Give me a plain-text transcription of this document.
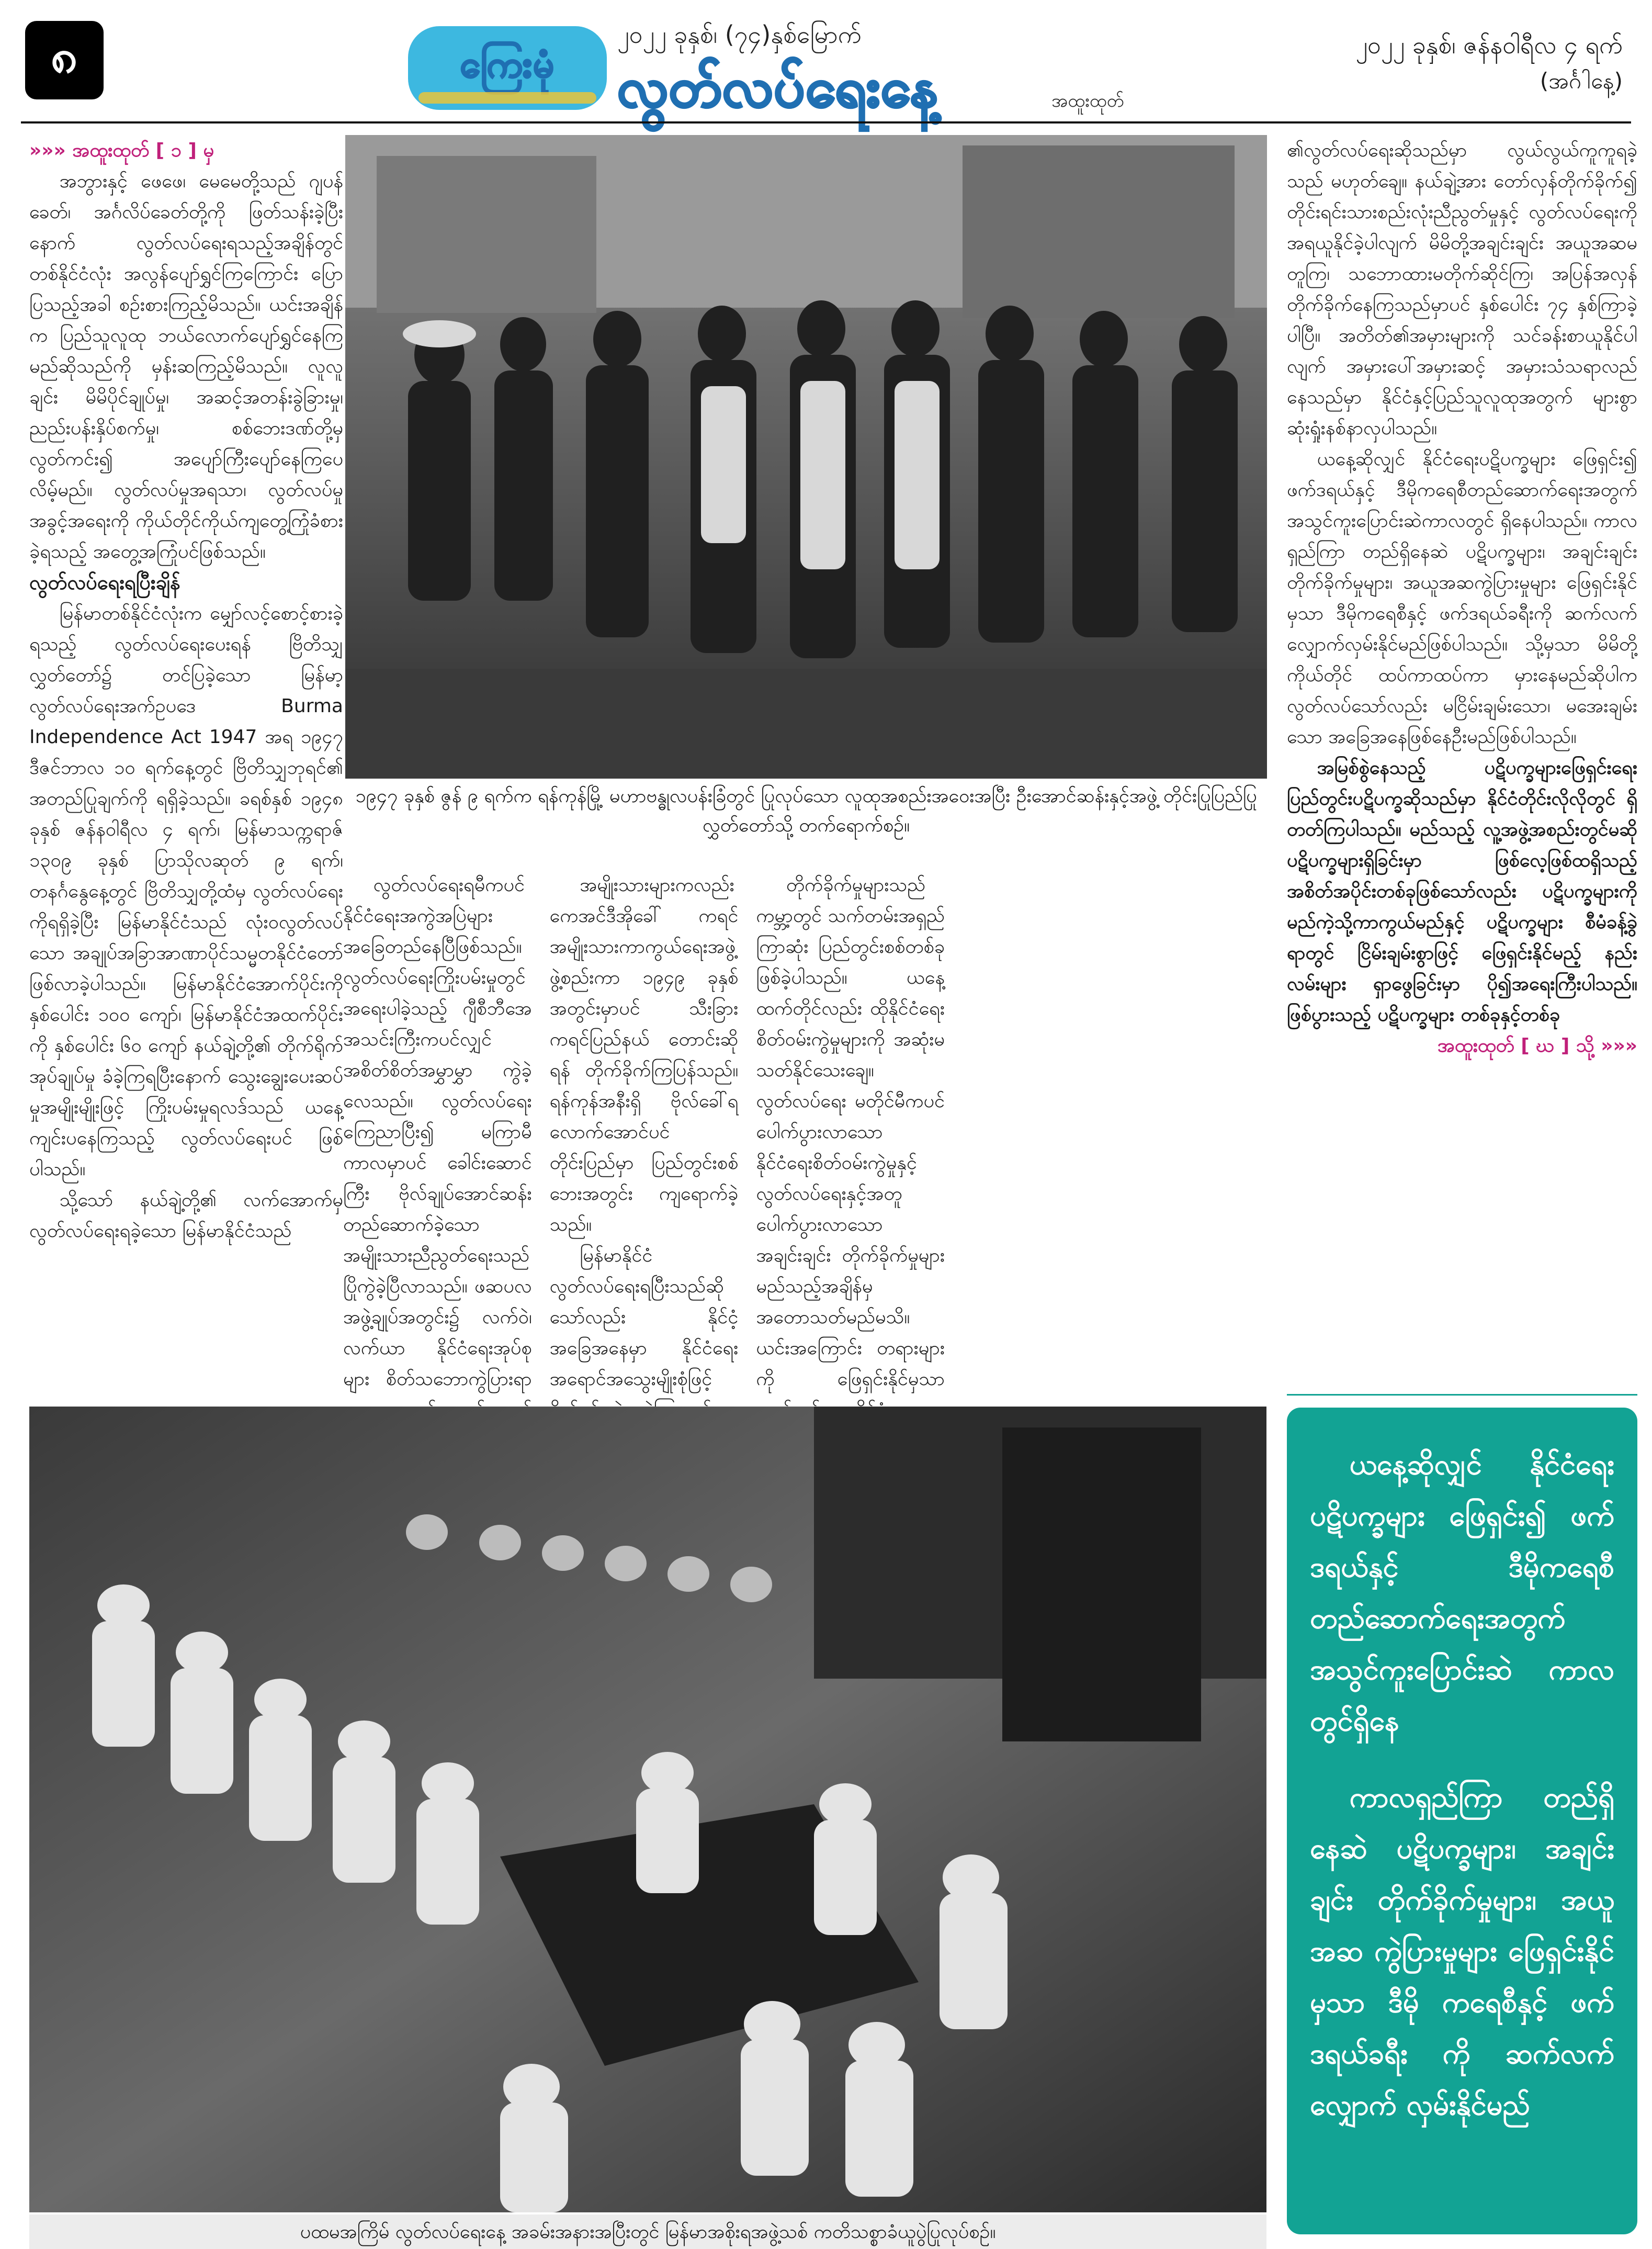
၈	ကြေးမုံ
၂၀၂၂ ခုနှစ်၊ (၇၄)နှစ်မြောက်
လွတ်လပ်ရေးနေ့	အထူးထုတ်
၂၀၂၂ ခုနှစ်၊ ဇန်နဝါရီလ ၄ ရက်
(အင်္ဂါနေ့)

»»» အထူးထုတ် [ ၁ ] မှ

အဘွားနှင့် ဖေဖေ၊ မေမေတို့သည် ဂျပန်ခေတ်၊ အင်္ဂလိပ်ခေတ်တို့ကို ဖြတ်သန်းခဲ့ပြီးနောက် လွတ်လပ်ရေးရသည့်အချိန်တွင် တစ်နိုင်ငံလုံး အလွန်ပျော်ရွှင်ကြကြောင်း ပြောပြသည့်အခါ စဉ်းစားကြည့်မိသည်။ ယင်းအချိန်က ပြည်သူလူထု ဘယ်လောက်ပျော်ရွှင်နေကြမည်ဆိုသည်ကို မှန်းဆကြည့်မိသည်။ လူလူချင်း မိမိပိုင်ချုပ်မှု၊ အဆင့်အတန်းခွဲခြားမှု၊ ညည်းပန်းနှိပ်စက်မှု၊ စစ်ဘေးဒဏ်တို့မှလွတ်ကင်း၍ အပျော်ကြီးပျော်နေကြပေလိမ့်မည်။ လွတ်လပ်မှုအရသာ၊ လွတ်လပ်မှုအခွင့်အရေးကို ကိုယ်တိုင်ကိုယ်ကျတွေ့ကြုံခံစားခဲ့ရသည့် အတွေ့အကြုံပင်ဖြစ်သည်။

လွတ်လပ်ရေးရပြီးချိန်

မြန်မာတစ်နိုင်ငံလုံးက မျှော်လင့်စောင့်စားခဲ့ရသည့် လွတ်လပ်ရေးပေးရန် ဗြိတိသျှလွှတ်တော်၌ တင်ပြခဲ့သော မြန်မာ့လွတ်လပ်ရေးအက်ဥပဒေ Burma Independence Act 1947 အရ ၁၉၄၇ ဒီဇင်ဘာလ ၁၀ ရက်နေ့တွင် ဗြိတိသျှဘုရင်၏ အတည်ပြုချက်ကို ရရှိခဲ့သည်။ ခရစ်နှစ် ၁၉၄၈ ခုနှစ် ဇန်နဝါရီလ ၄ ရက်၊ မြန်မာသက္ကရာဇ် ၁၃၀၉ ခုနှစ် ပြာသိုလဆုတ် ၉ ရက်၊ တနင်္ဂနွေနေ့တွင် ဗြိတိသျှတို့ထံမှ လွတ်လပ်ရေးကိုရရှိခဲ့ပြီး မြန်မာနိုင်ငံသည် လုံးဝလွတ်လပ်သော အချုပ်အခြာအာဏာပိုင်သမ္မတနိုင်ငံတော် ဖြစ်လာခဲ့ပါသည်။ မြန်မာနိုင်ငံအောက်ပိုင်းကို နှစ်ပေါင်း ၁၀၀ ကျော်၊ မြန်မာနိုင်ငံအထက်ပိုင်းကို နှစ်ပေါင်း ၆၀ ကျော် နယ်ချဲ့တို့၏ တိုက်ရိုက်အုပ်ချုပ်မှု ခံခဲ့ကြရပြီးနောက် သွေးချွေးပေးဆပ်မှုအမျိုးမျိုးဖြင့် ကြိုးပမ်းမှုရလဒ်သည် ယနေ့ကျင်းပနေကြသည့် လွတ်လပ်ရေးပင် ဖြစ်ပါသည်။

သို့သော် နယ်ချဲ့တို့၏ လက်အောက်မှ လွတ်လပ်ရေးရခဲ့သော မြန်မာနိုင်ငံသည်

၁၉၄၇ ခုနှစ် ဇွန် ၉ ရက်က ရန်ကုန်မြို့ မဟာဗန္ဓုလပန်းခြံတွင် ပြုလုပ်သော လူထုအစည်းအဝေးအပြီး ဦးအောင်ဆန်းနှင့်အဖွဲ့ တိုင်းပြုပြည်ပြုလွှတ်တော်သို့ တက်ရောက်စဉ်။

လွတ်လပ်ရေးရမီကပင် နိုင်ငံရေးအကွဲအပြဲများ အခြေတည်နေပြီဖြစ်သည်။ လွတ်လပ်ရေးကြိုးပမ်းမှုတွင် အရေးပါခဲ့သည့် ဂျီစီဘီအေ အသင်းကြီးကပင်လျှင် အစိတ်စိတ်အမွှာမွှာ ကွဲခဲ့လေသည်။ လွတ်လပ်ရေးကြေညာပြီး၍ မကြာမီကာလမှာပင် ခေါင်းဆောင်ကြီး ဗိုလ်ချုပ်အောင်ဆန်း တည်ဆောက်ခဲ့သော အမျိုးသားညီညွတ်ရေးသည် ပြိုကွဲခဲ့ပြီလာသည်။ ဖဆပလ အဖွဲ့ချုပ်အတွင်း၌ လက်ဝဲ၊ လက်ယာ နိုင်ငံရေးအုပ်စုများ စိတ်သဘောကွဲပြားရာ

အမျိုးသားများကလည်း ကေအင်ဒီအိုခေါ် ကရင်အမျိုးသားကာကွယ်ရေးအဖွဲ့ ဖွဲ့စည်းကာ ၁၉၄၉ ခုနှစ်အတွင်းမှာပင် သီးခြားကရင်ပြည်နယ် တောင်းဆိုရန် တိုက်ခိုက်ကြပြန်သည်။ ရန်ကုန်အနီးရှိ ဗိုလ်ခေါ်ရလောက်အောင်ပင် တိုင်းပြည်မှာ ပြည်တွင်းစစ်ဘေးအတွင်း ကျရောက်ခဲ့သည်။

မြန်မာနိုင်ငံ လွတ်လပ်ရေးရပြီးသည်ဆိုသော်လည်း နိုင်ငံ့အခြေအနေမှာ နိုင်ငံရေးအရောင်အသွေးမျိုးစုံဖြင့်

တိုက်ခိုက်မှုများသည် ကမ္ဘာ့တွင် သက်တမ်းအရှည်ကြာဆုံး ပြည်တွင်းစစ်တစ်ခုဖြစ်ခဲ့ပါသည်။ ယနေ့ထက်တိုင်လည်း ထိုနိုင်ငံရေးစိတ်ဝမ်းကွဲမှုများကို အဆုံးမသတ်နိုင်သေးချေ။ လွတ်လပ်ရေး မတိုင်မီကပင် ပေါက်ပွားလာသော နိုင်ငံရေးစိတ်ဝမ်းကွဲမှုနှင့် လွတ်လပ်ရေးနှင့်အတူ ပေါက်ပွားလာသော အချင်းချင်း တိုက်ခိုက်မှုများ မည်သည့်အချိန်မှ အတောသတ်မည်မသိ။ ယင်းအကြောင်း တရားများကို ဖြေရှင်းနိုင်မှသာ

၏လွတ်လပ်ရေးဆိုသည်မှာ လွယ်လွယ်ကူကူရခဲ့သည် မဟုတ်ချေ။ နယ်ချဲ့အား တော်လှန်တိုက်ခိုက်၍ တိုင်းရင်းသားစည်းလုံးညီညွတ်မှုနှင့် လွတ်လပ်ရေးကို အရယူနိုင်ခဲ့ပါလျက် မိမိတို့အချင်းချင်း အယူအဆမတူကြ၊ သဘောထားမတိုက်ဆိုင်ကြ၊ အပြန်အလှန်တိုက်ခိုက်နေကြသည်မှာပင် နှစ်ပေါင်း ၇၄ နှစ်ကြာခဲ့ပါပြီ။ အတိတ်၏အမှားများကို သင်ခန်းစာယူနိုင်ပါလျက် အမှားပေါ်အမှားဆင့် အမှားသံသရာလည်နေသည်မှာ နိုင်ငံနှင့်ပြည်သူလူထုအတွက် များစွာဆုံးရှုံးနစ်နာလှပါသည်။

ယနေ့ဆိုလျှင် နိုင်ငံရေးပဋိပက္ခများ ဖြေရှင်း၍ ဖက်ဒရယ်နှင့် ဒီမိုကရေစီတည်ဆောက်ရေးအတွက် အသွင်ကူးပြောင်းဆဲကာလတွင် ရှိနေပါသည်။ ကာလရှည်ကြာ တည်ရှိနေဆဲ ပဋိပက္ခများ၊ အချင်းချင်း တိုက်ခိုက်မှုများ၊ အယူအဆကွဲပြားမှုများ ဖြေရှင်းနိုင်မှသာ ဒီမိုကရေစီနှင့် ဖက်ဒရယ်ခရီးကို ဆက်လက်လျှောက်လှမ်းနိုင်မည်ဖြစ်ပါသည်။ သို့မှသာ မိမိတို့ ကိုယ်တိုင် ထပ်ကာထပ်ကာ မှားနေမည်ဆိုပါက လွတ်လပ်သော်လည်း မငြိမ်းချမ်းသော၊ မအေးချမ်းသော အခြေအနေဖြစ်နေဦးမည်ဖြစ်ပါသည်။

အမြစ်စွဲနေသည့် ပဋိပက္ခများဖြေရှင်းရေး ပြည်တွင်းပဋိပက္ခဆိုသည်မှာ နိုင်ငံတိုင်းလိုလိုတွင် ရှိတတ်ကြပါသည်။ မည်သည့် လူ့အဖွဲ့အစည်းတွင်မဆို ပဋိပက္ခများရှိခြင်းမှာ ဖြစ်လေ့ဖြစ်ထရှိသည့် အစိတ်အပိုင်းတစ်ခုဖြစ်သော်လည်း ပဋိပက္ခများကို မည်ကဲ့သို့ကာကွယ်မည်နှင့် ပဋိပက္ခများ စီမံခန့်ခွဲရာတွင် ငြိမ်းချမ်းစွာဖြင့် ဖြေရှင်းနိုင်မည့် နည်းလမ်းများ ရှာဖွေခြင်းမှာ ပို၍အရေးကြီးပါသည်။ ဖြစ်ပွားသည့် ပဋိပက္ခများ တစ်ခုနှင့်တစ်ခု

အထူးထုတ် [ ဃ ] သို့ »»»

ပထမအကြိမ် လွတ်လပ်ရေးနေ့ အခမ်းအနားအပြီးတွင် မြန်မာအစိုးရအဖွဲ့သစ် ကတိသစ္စာခံယူပွဲပြုလုပ်စဉ်။

ယနေ့ဆိုလျှင် နိုင်ငံရေး ပဋိပက္ခများ ဖြေရှင်း၍ ဖက်ဒရယ်နှင့် ဒီမိုကရေစီ တည်ဆောက်ရေးအတွက် အသွင်ကူးပြောင်းဆဲ ကာလ တွင်ရှိနေ

ကာလရှည်ကြာ တည်ရှိ နေဆဲ ပဋိပက္ခများ၊ အချင်း ချင်း တိုက်ခိုက်မှုများ၊ အယူအဆ ကွဲပြားမှုများ ဖြေရှင်းနိုင်မှသာ ဒီမို ကရေစီနှင့် ဖက်ဒရယ်ခရီး ကို ဆက်လက်လျှောက် လှမ်းနိုင်မည်
